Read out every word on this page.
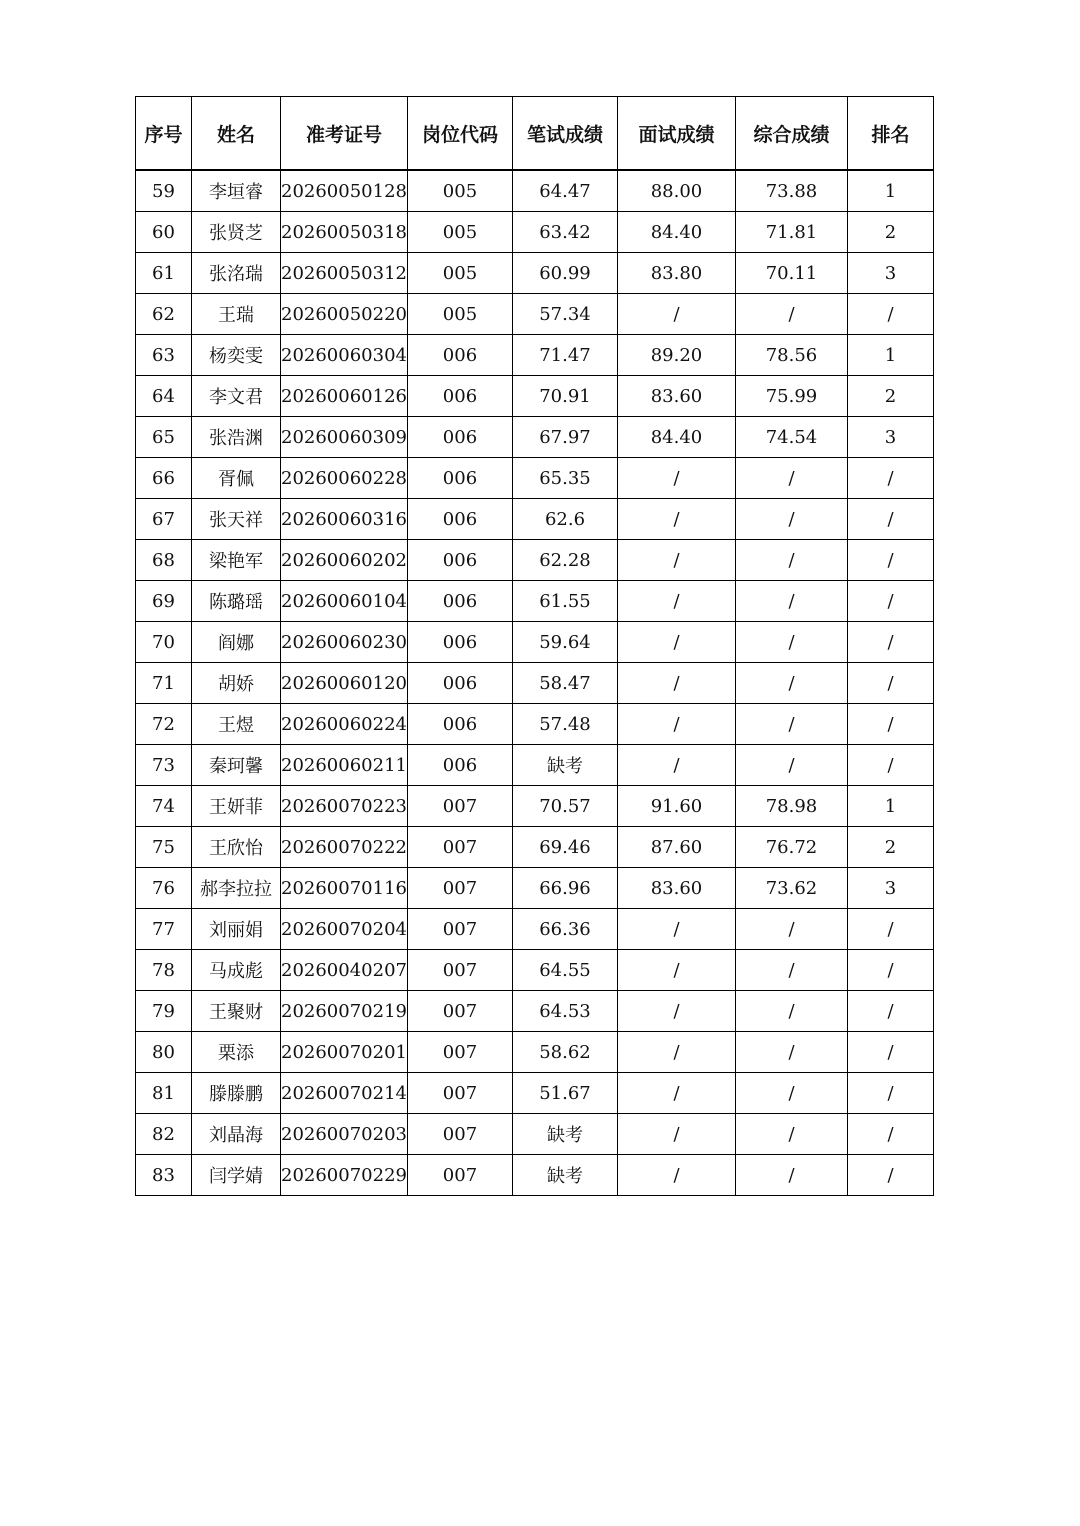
序号	姓名	准考证号	岗位代码	笔试成绩	面试成绩	综合成绩	排名
59	李垣睿	20260050128	005	64.47	88.00	73.88	1
60	张贤芝	20260050318	005	63.42	84.40	71.81	2
61	张洺瑞	20260050312	005	60.99	83.80	70.11	3
62	王瑞	20260050220	005	57.34	/	/	/
63	杨奕雯	20260060304	006	71.47	89.20	78.56	1
64	李文君	20260060126	006	70.91	83.60	75.99	2
65	张浩渊	20260060309	006	67.97	84.40	74.54	3
66	胥佩	20260060228	006	65.35	/	/	/
67	张天祥	20260060316	006	62.6	/	/	/
68	梁艳军	20260060202	006	62.28	/	/	/
69	陈璐瑶	20260060104	006	61.55	/	/	/
70	阎娜	20260060230	006	59.64	/	/	/
71	胡娇	20260060120	006	58.47	/	/	/
72	王煜	20260060224	006	57.48	/	/	/
73	秦珂馨	20260060211	006	缺考	/	/	/
74	王妍菲	20260070223	007	70.57	91.60	78.98	1
75	王欣怡	20260070222	007	69.46	87.60	76.72	2
76	郝李拉拉	20260070116	007	66.96	83.60	73.62	3
77	刘丽娟	20260070204	007	66.36	/	/	/
78	马成彪	20260040207	007	64.55	/	/	/
79	王聚财	20260070219	007	64.53	/	/	/
80	栗添	20260070201	007	58.62	/	/	/
81	滕滕鹏	20260070214	007	51.67	/	/	/
82	刘晶海	20260070203	007	缺考	/	/	/
83	闫学婧	20260070229	007	缺考	/	/	/
